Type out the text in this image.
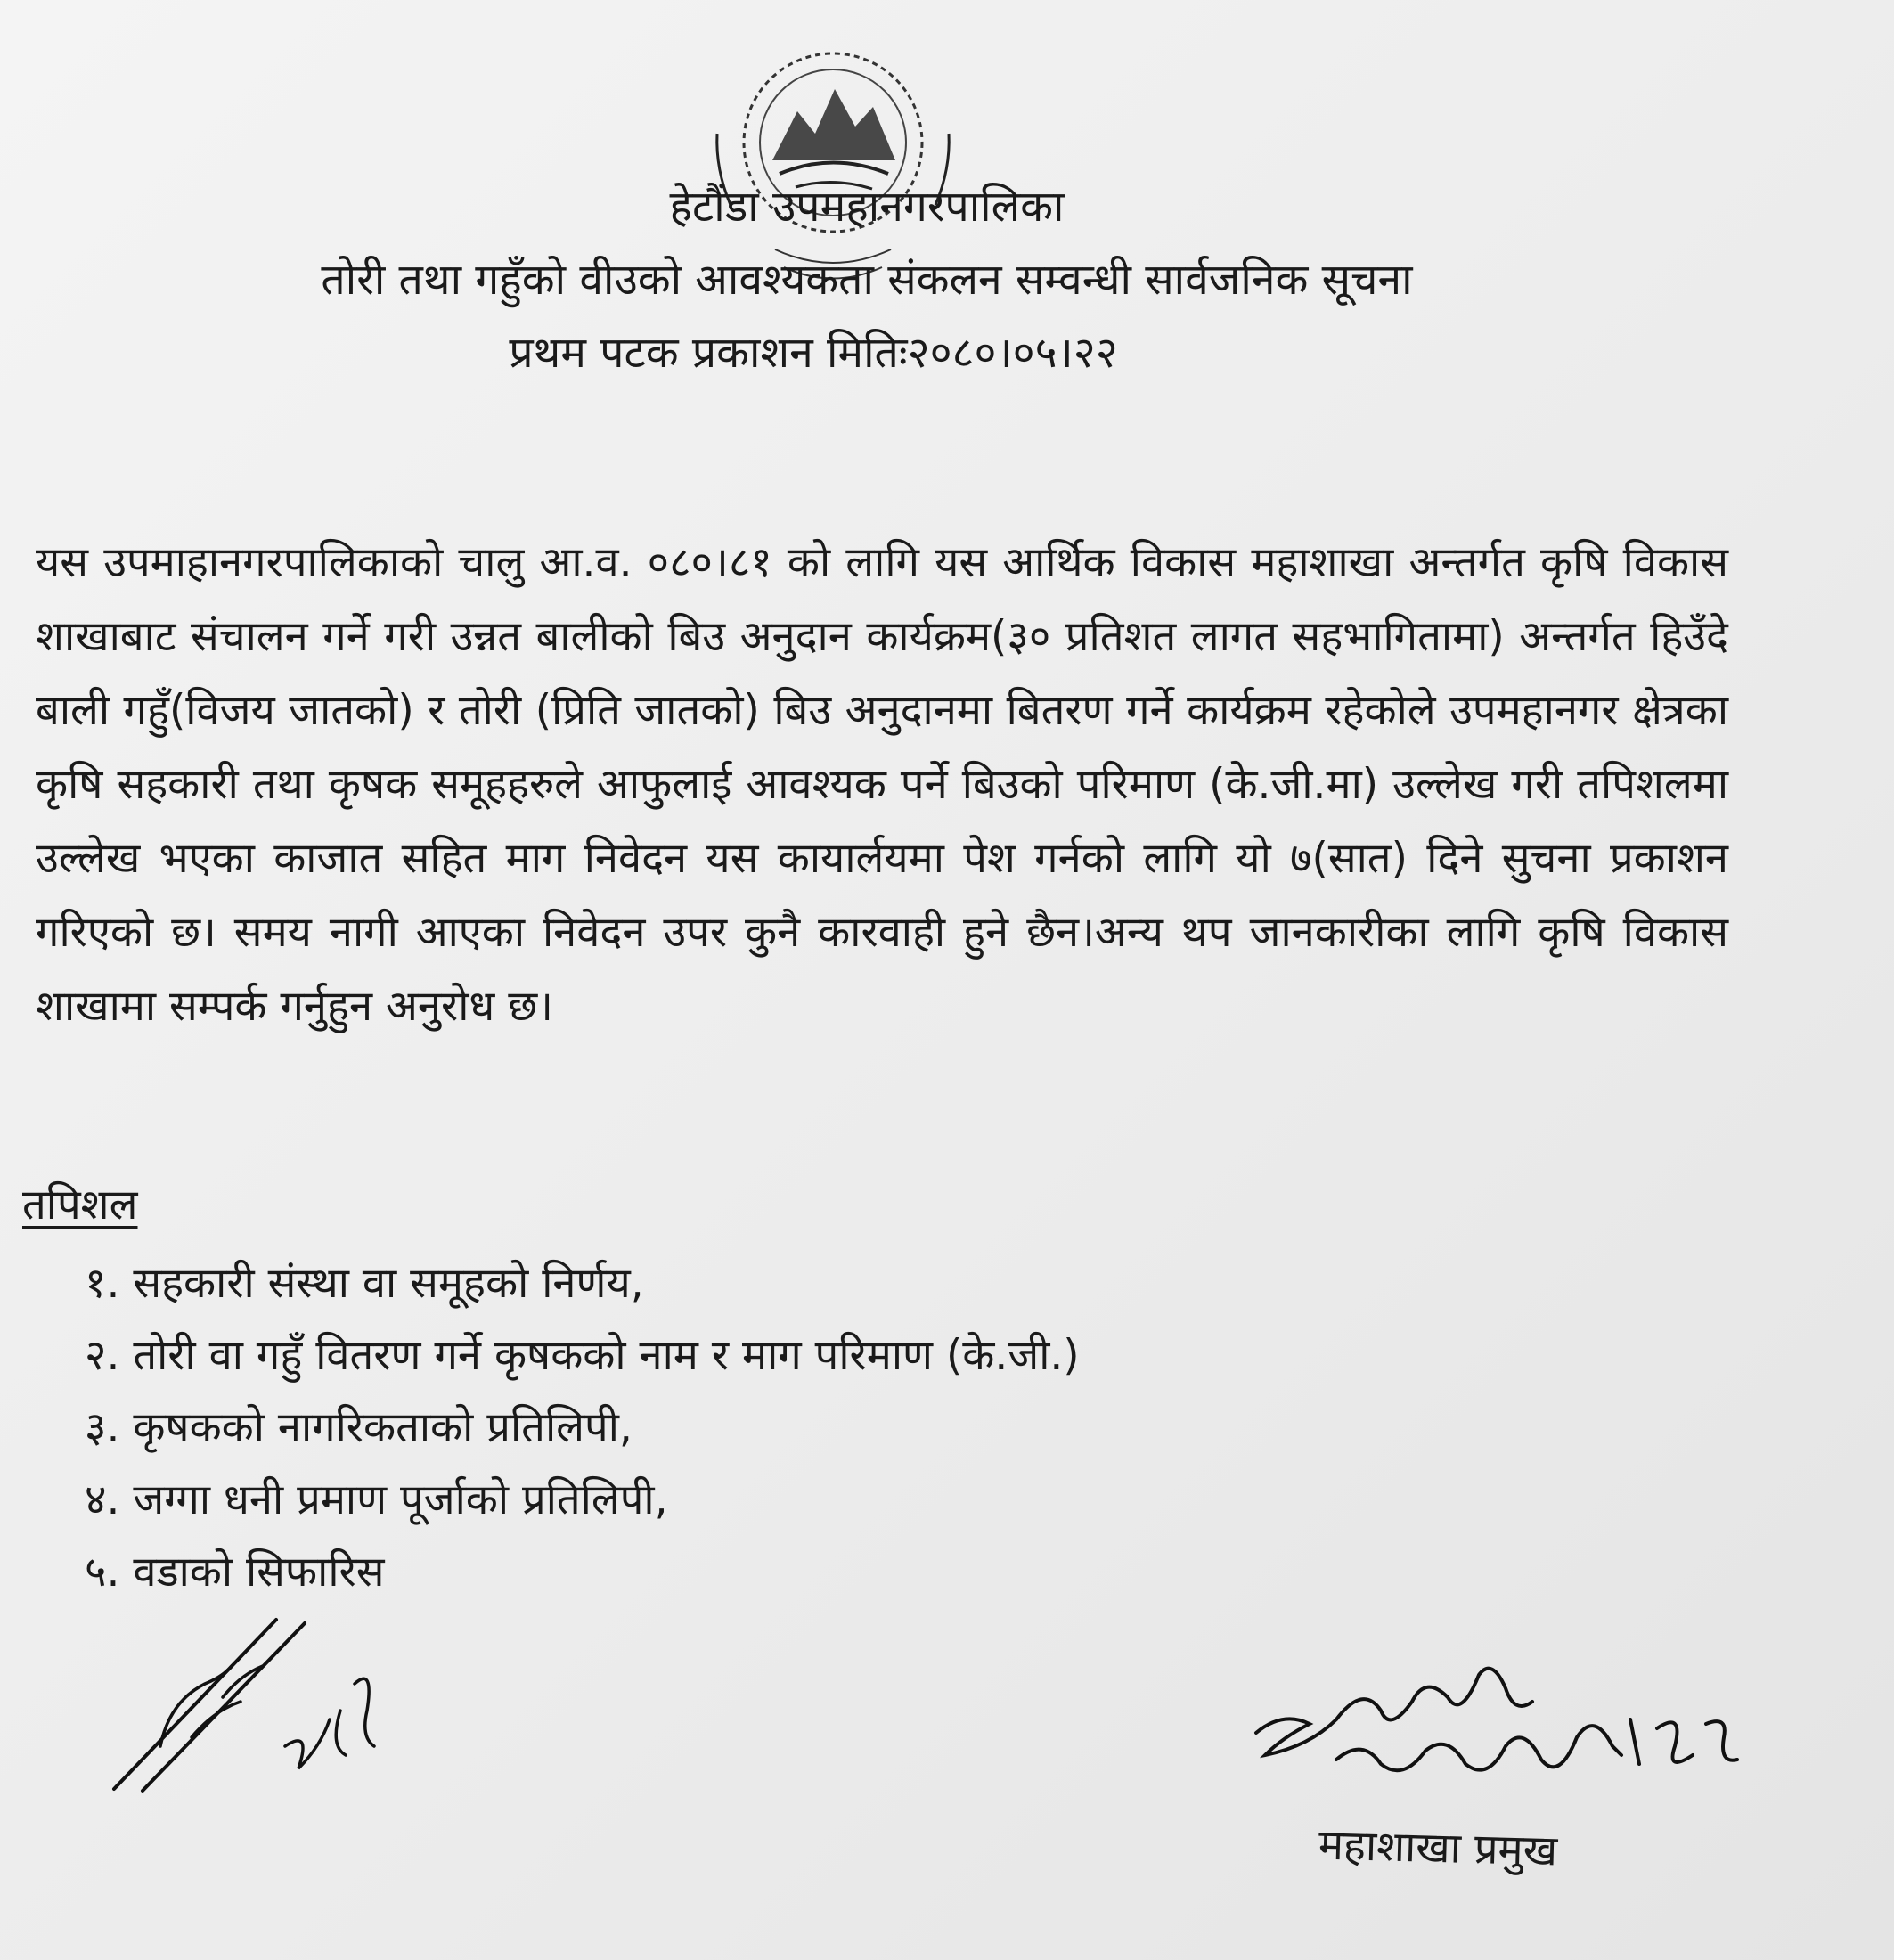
हेटौंडा उपमहानगरपालिका
तोरी तथा गहुँको वीउको आवश्यकता संकलन सम्वन्धी सार्वजनिक सूचना
प्रथम पटक प्रकाशन मितिः२०८०।०५।२२

यस उपमाहानगरपालिकाको चालु आ.व. ०८०।८१ को लागि यस आर्थिक विकास महाशाखा अन्तर्गत कृषि विकास शाखाबाट संचालन गर्ने गरी उन्नत बालीको बिउ अनुदान कार्यक्रम(३० प्रतिशत लागत सहभागितामा) अन्तर्गत हिउँदे बाली गहुँ(विजय जातको) र तोरी (प्रिति जातको) बिउ अनुदानमा बितरण गर्ने कार्यक्रम रहेकोले उपमहानगर क्षेत्रका कृषि सहकारी तथा कृषक समूहहरुले आफुलाई आवश्यक पर्ने बिउको परिमाण (के.जी.मा) उल्लेख गरी तपिशलमा उल्लेख भएका काजात सहित माग निवेदन यस कायार्लयमा पेश गर्नको लागि यो ७(सात) दिने सुचना प्रकाशन गरिएको छ। समय नागी आएका निवेदन उपर कुनै कारवाही हुने छैन।अन्य थप जानकारीका लागि कृषि विकास शाखामा सम्पर्क गर्नुहुन अनुरोध छ।

तपिशल
१. सहकारी संस्था वा समूहको निर्णय,
२. तोरी वा गहुँ वितरण गर्ने कृषकको नाम र माग परिमाण (के.जी.)
३. कृषकको नागरिकताको प्रतिलिपी,
४. जग्गा धनी प्रमाण पूर्जाको प्रतिलिपी,
५. वडाको सिफारिस
महाशाखा प्रमुख
